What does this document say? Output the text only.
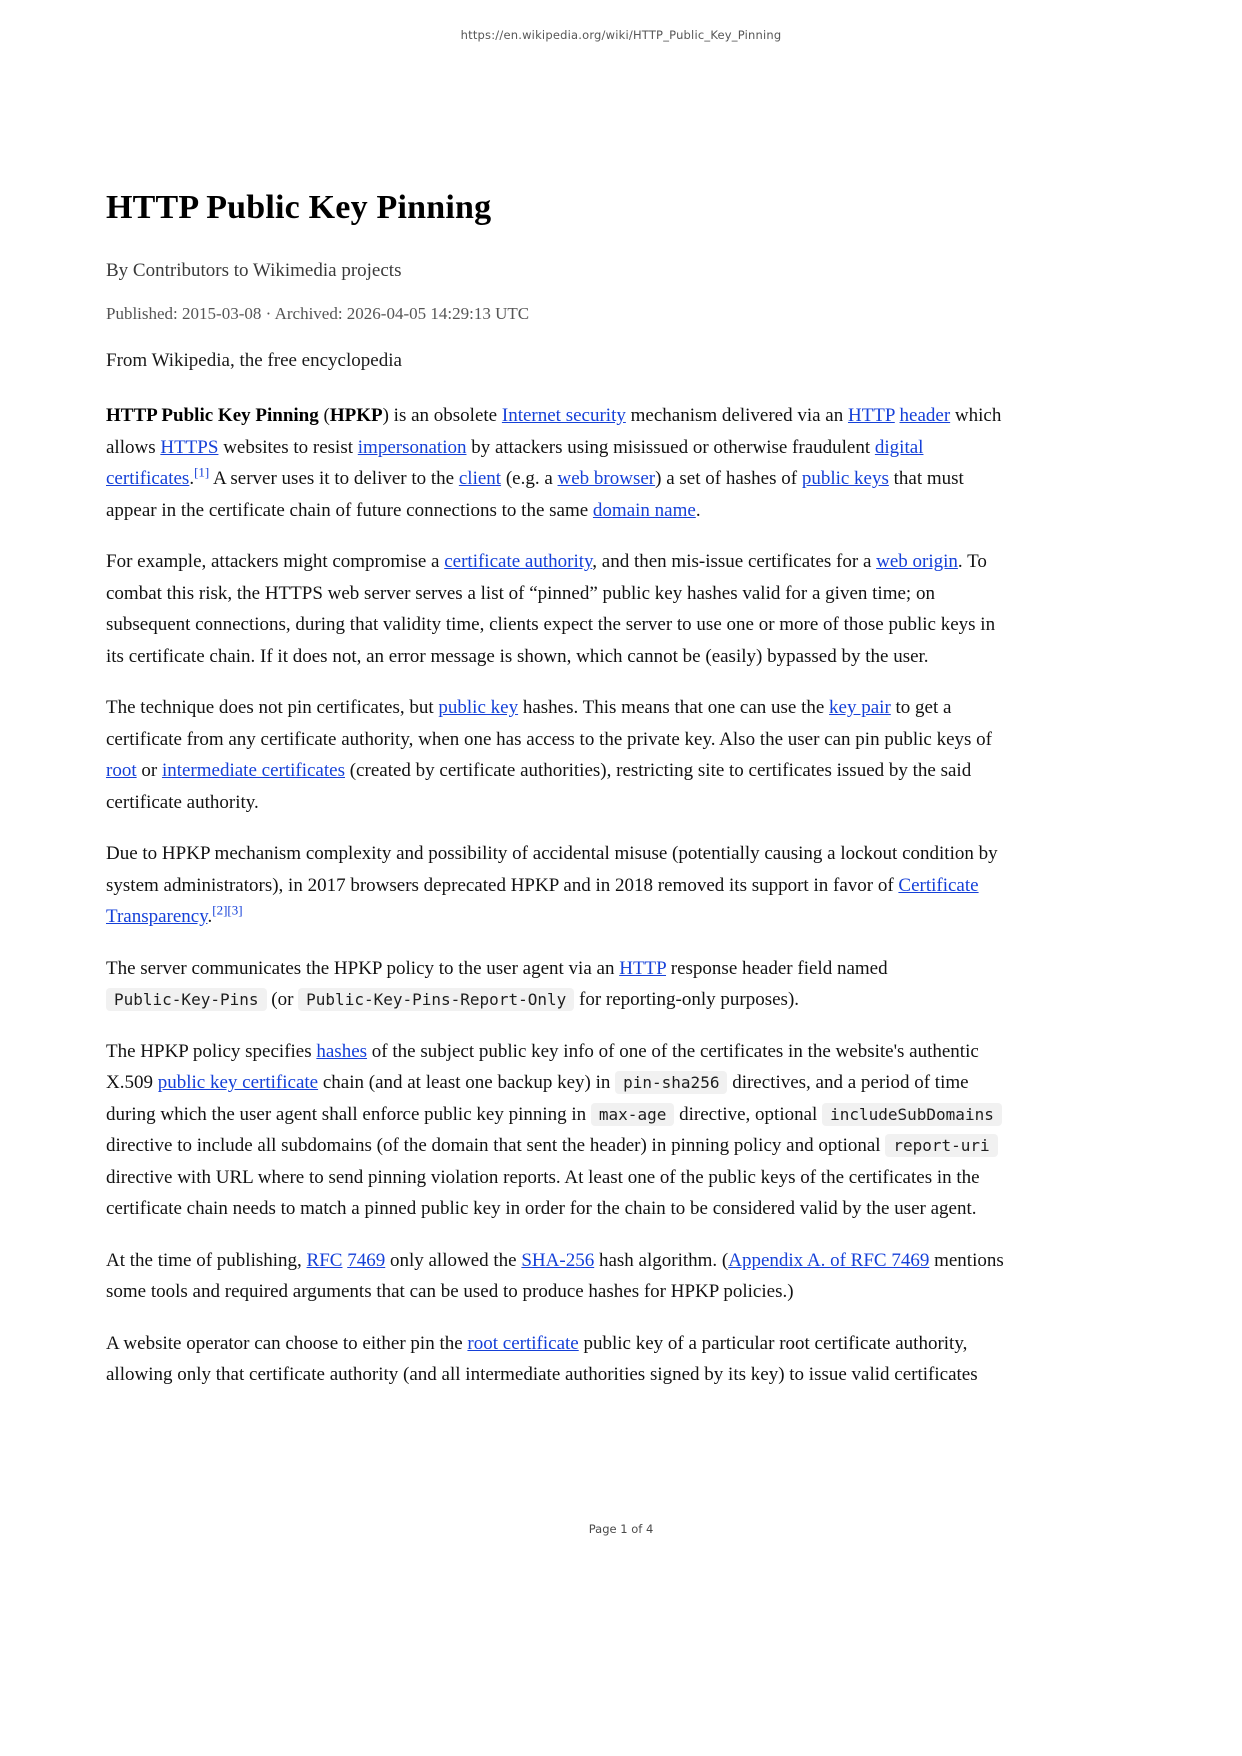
https://en.wikipedia.org/wiki/HTTP_Public_Key_Pinning
HTTP Public Key Pinning

By Contributors to Wikimedia projects

Published: 2015-03-08 · Archived: 2026-04-05 14:29:13 UTC

From Wikipedia, the free encyclopedia

HTTP Public Key Pinning (HPKP) is an obsolete Internet security mechanism delivered via an HTTP header which allows HTTPS websites to resist impersonation by attackers using misissued or otherwise fraudulent digital certificates.[1] A server uses it to deliver to the client (e.g. a web browser) a set of hashes of public keys that must appear in the certificate chain of future connections to the same domain name.

For example, attackers might compromise a certificate authority, and then mis-issue certificates for a web origin. To combat this risk, the HTTPS web server serves a list of “pinned” public key hashes valid for a given time; on subsequent connections, during that validity time, clients expect the server to use one or more of those public keys in its certificate chain. If it does not, an error message is shown, which cannot be (easily) bypassed by the user.

The technique does not pin certificates, but public key hashes. This means that one can use the key pair to get a certificate from any certificate authority, when one has access to the private key. Also the user can pin public keys of root or intermediate certificates (created by certificate authorities), restricting site to certificates issued by the said certificate authority.

Due to HPKP mechanism complexity and possibility of accidental misuse (potentially causing a lockout condition by system administrators), in 2017 browsers deprecated HPKP and in 2018 removed its support in favor of Certificate Transparency.[2][3]

The server communicates the HPKP policy to the user agent via an HTTP response header field named Public-Key-Pins (or Public-Key-Pins-Report-Only for reporting-only purposes).

The HPKP policy specifies hashes of the subject public key info of one of the certificates in the website's authentic X.509 public key certificate chain (and at least one backup key) in pin-sha256 directives, and a period of time during which the user agent shall enforce public key pinning in max-age directive, optional includeSubDomains directive to include all subdomains (of the domain that sent the header) in pinning policy and optional report-uri directive with URL where to send pinning violation reports. At least one of the public keys of the certificates in the certificate chain needs to match a pinned public key in order for the chain to be considered valid by the user agent.

At the time of publishing, RFC 7469 only allowed the SHA-256 hash algorithm. (Appendix A. of RFC 7469 mentions some tools and required arguments that can be used to produce hashes for HPKP policies.)

A website operator can choose to either pin the root certificate public key of a particular root certificate authority, allowing only that certificate authority (and all intermediate authorities signed by its key) to issue valid certificates

Page 1 of 4
